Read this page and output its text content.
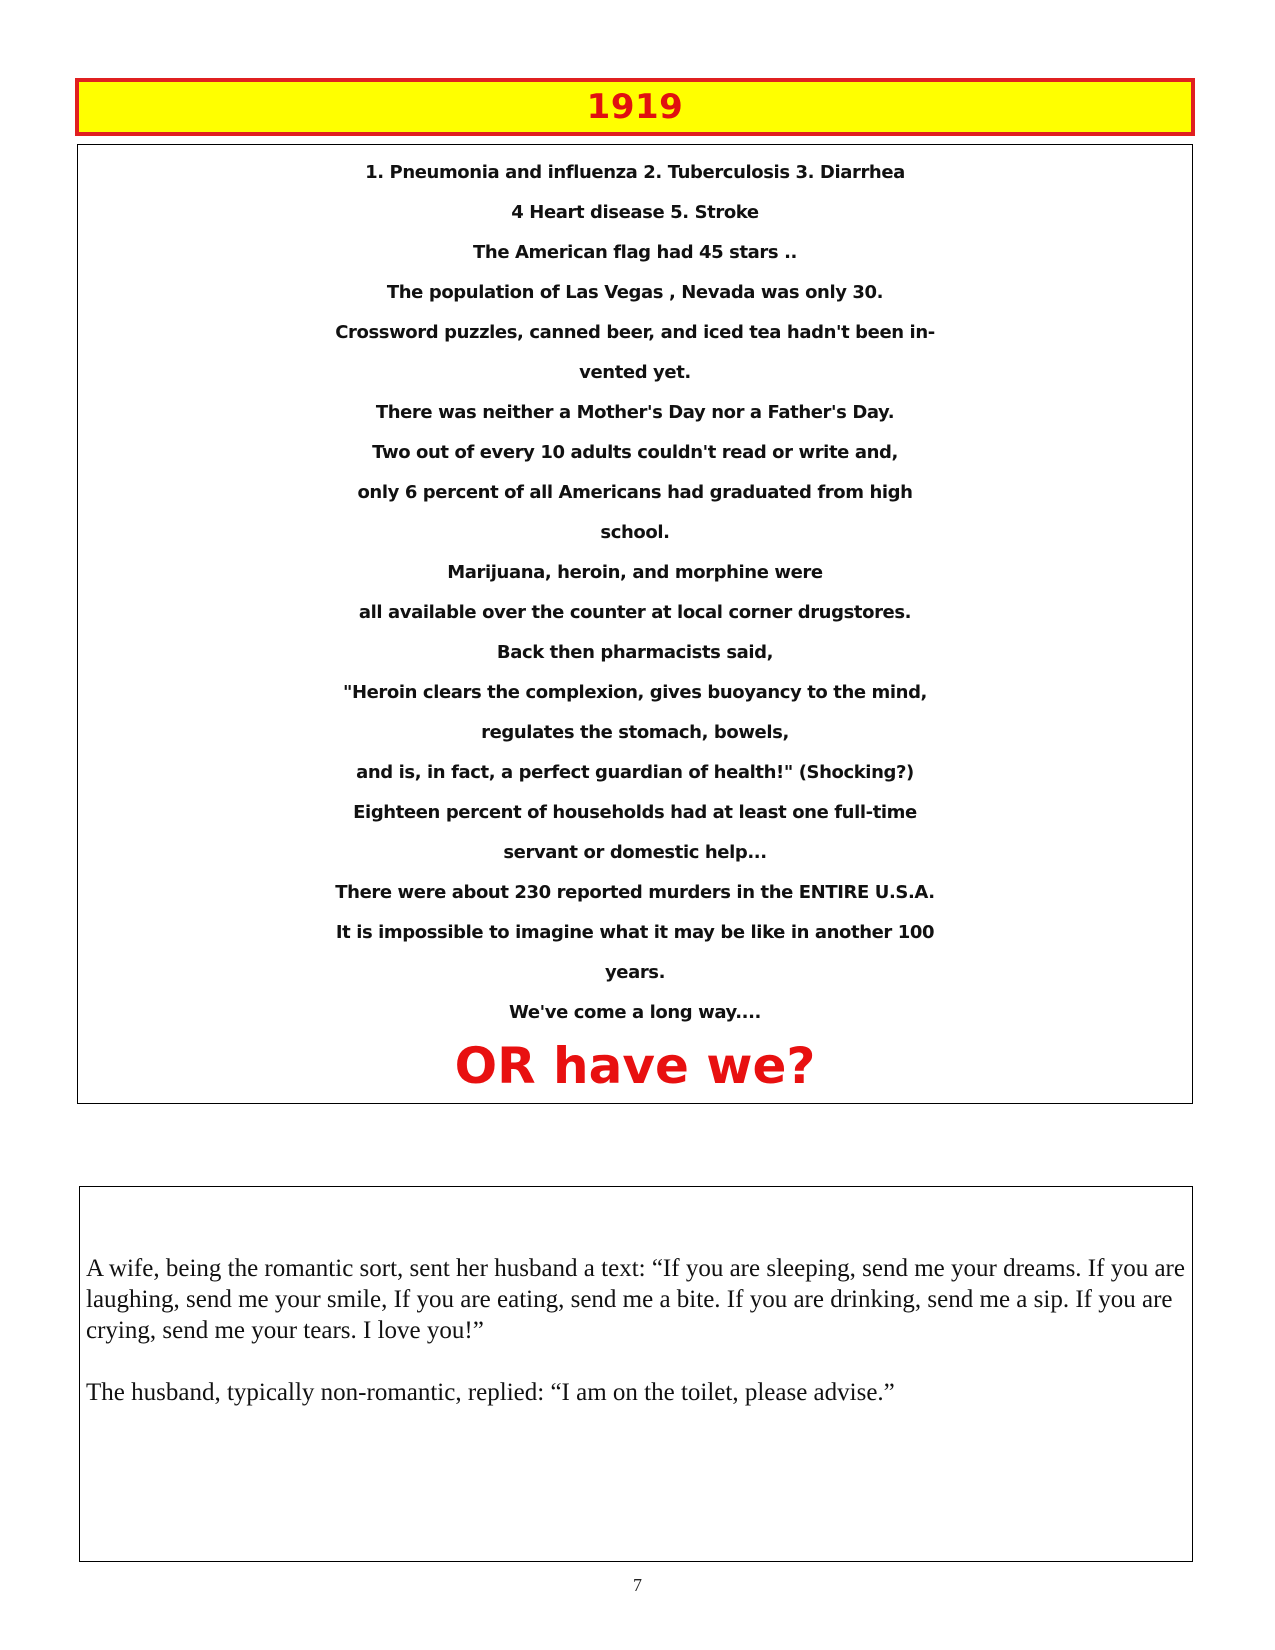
1919
1. Pneumonia and influenza 2. Tuberculosis 3. Diarrhea
4 Heart disease 5. Stroke
The American flag had 45 stars ..
The population of Las Vegas , Nevada was only 30.
Crossword puzzles, canned beer, and iced tea hadn't been in-
vented yet.
There was neither a Mother's Day nor a Father's Day.
Two out of every 10 adults couldn't read or write and,
only 6 percent of all Americans had graduated from high
school.
Marijuana, heroin, and morphine were
all available over the counter at local corner drugstores.
Back then pharmacists said,
"Heroin clears the complexion, gives buoyancy to the mind,
regulates the stomach, bowels,
and is, in fact, a perfect guardian of health!" (Shocking?)
Eighteen percent of households had at least one full-time
servant or domestic help...
There were about 230 reported murders in the ENTIRE U.S.A.
It is impossible to imagine what it may be like in another 100
years.
We've come a long way....
OR have we?

A wife, being the romantic sort, sent her husband a text: “If you are sleeping, send me your dreams. If you are laughing, send me your smile, If you are eating, send me a bite. If you are drinking, send me a sip. If you are crying, send me your tears. I love you!”

The husband, typically non-romantic, replied: “I am on the toilet, please advise.”

7
